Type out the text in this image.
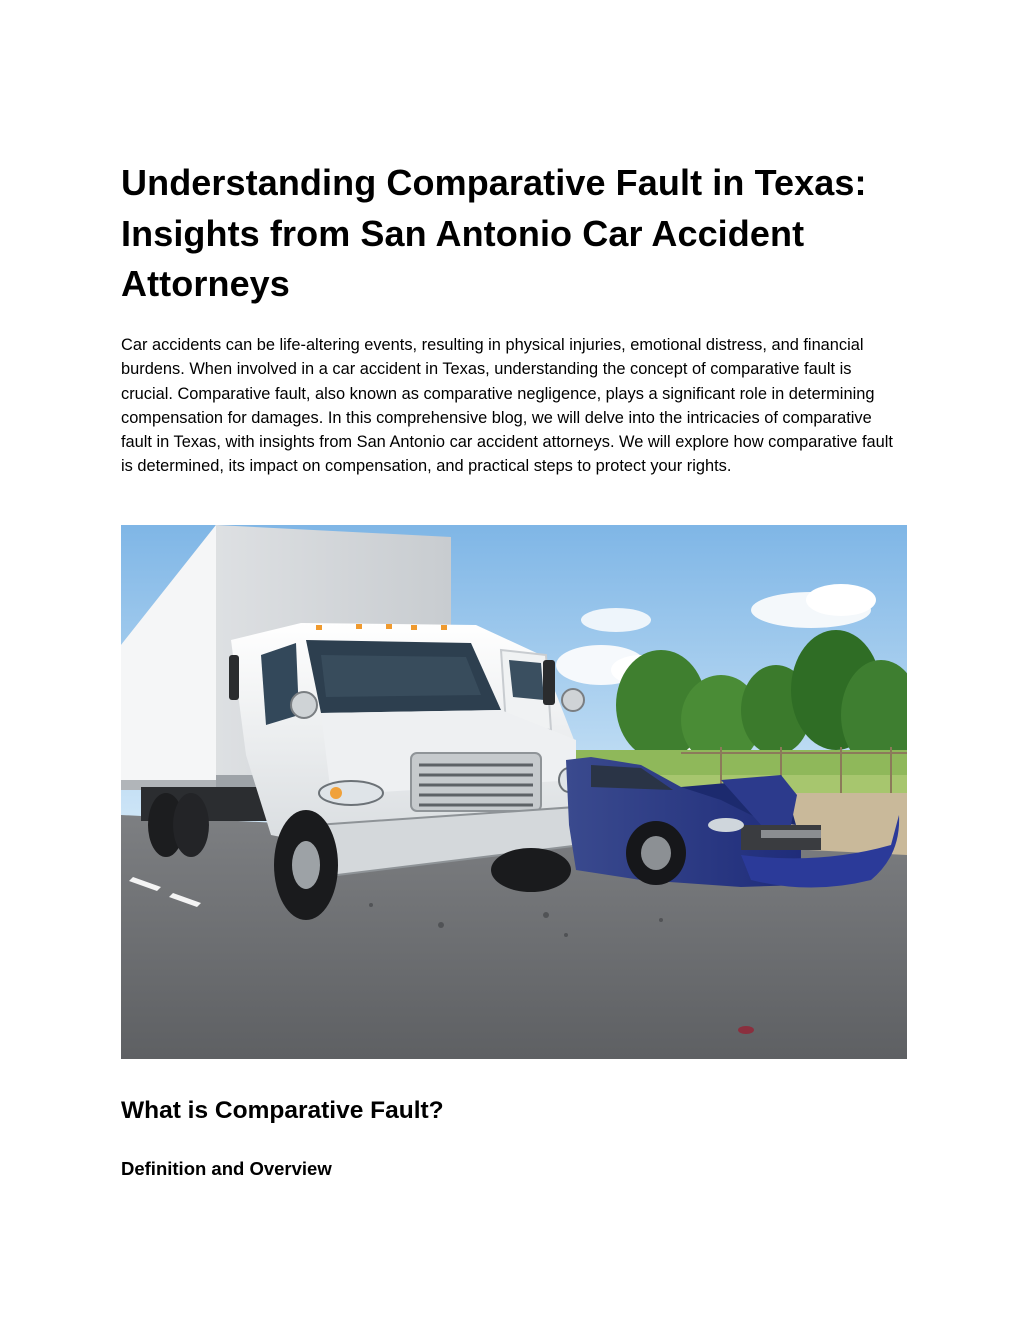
Understanding Comparative Fault in Texas: Insights from San Antonio Car Accident Attorneys

Car accidents can be life-altering events, resulting in physical injuries, emotional distress, and financial burdens. When involved in a car accident in Texas, understanding the concept of comparative fault is crucial. Comparative fault, also known as comparative negligence, plays a significant role in determining compensation for damages. In this comprehensive blog, we will delve into the intricacies of comparative fault in Texas, with insights from San Antonio car accident attorneys. We will explore how comparative fault is determined, its impact on compensation, and practical steps to protect your rights.

What is Comparative Fault?
Definition and Overview
